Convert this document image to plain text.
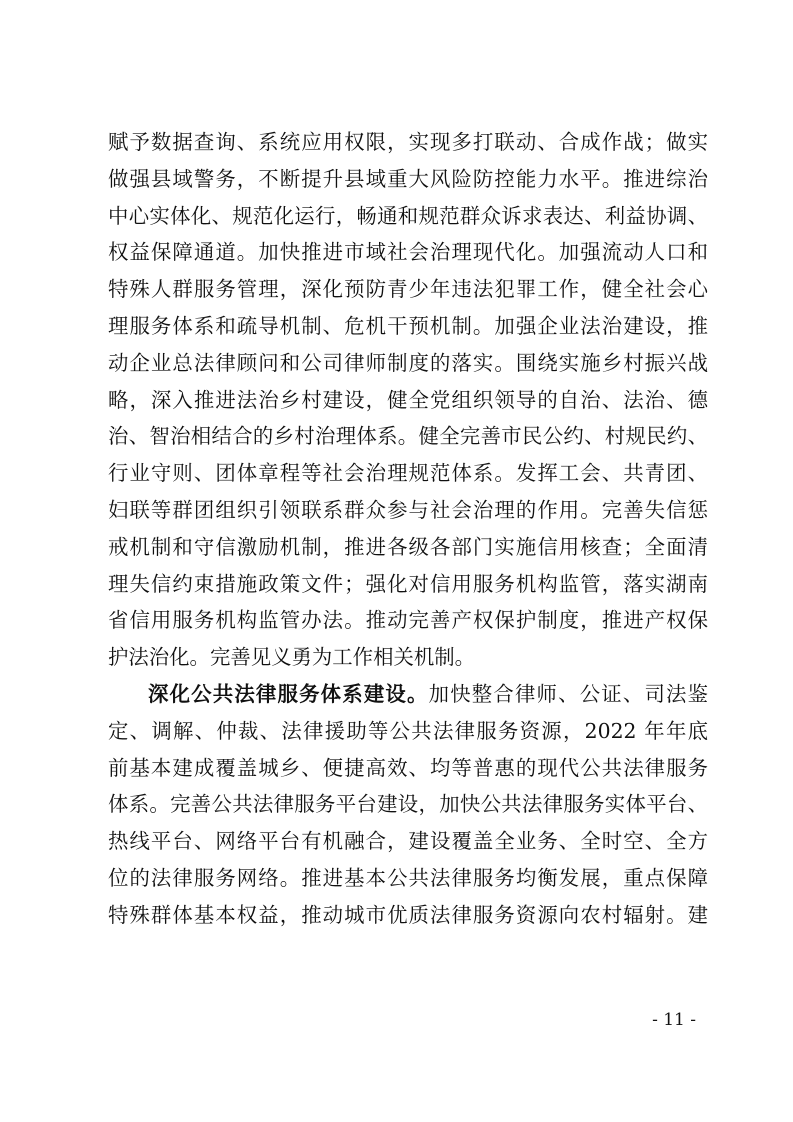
赋予数据查询、系统应用权限，实现多打联动、合成作战；做实
做强县域警务，不断提升县域重大风险防控能力水平。推进综治
中心实体化、规范化运行，畅通和规范群众诉求表达、利益协调、
权益保障通道。加快推进市域社会治理现代化。加强流动人口和
特殊人群服务管理，深化预防青少年违法犯罪工作，健全社会心
理服务体系和疏导机制、危机干预机制。加强企业法治建设，推
动企业总法律顾问和公司律师制度的落实。围绕实施乡村振兴战
略，深入推进法治乡村建设，健全党组织领导的自治、法治、德
治、智治相结合的乡村治理体系。健全完善市民公约、村规民约、
行业守则、团体章程等社会治理规范体系。发挥工会、共青团、
妇联等群团组织引领联系群众参与社会治理的作用。完善失信惩
戒机制和守信激励机制，推进各级各部门实施信用核查；全面清
理失信约束措施政策文件；强化对信用服务机构监管，落实湖南
省信用服务机构监管办法。推动完善产权保护制度，推进产权保
护法治化。完善见义勇为工作相关机制。
深化公共法律服务体系建设。加快整合律师、公证、司法鉴
定、调解、仲裁、法律援助等公共法律服务资源，2022 年年底
前基本建成覆盖城乡、便捷高效、均等普惠的现代公共法律服务
体系。完善公共法律服务平台建设，加快公共法律服务实体平台、
热线平台、网络平台有机融合，建设覆盖全业务、全时空、全方
位的法律服务网络。推进基本公共法律服务均衡发展，重点保障
特殊群体基本权益，推动城市优质法律服务资源向农村辐射。建
- 11 -
